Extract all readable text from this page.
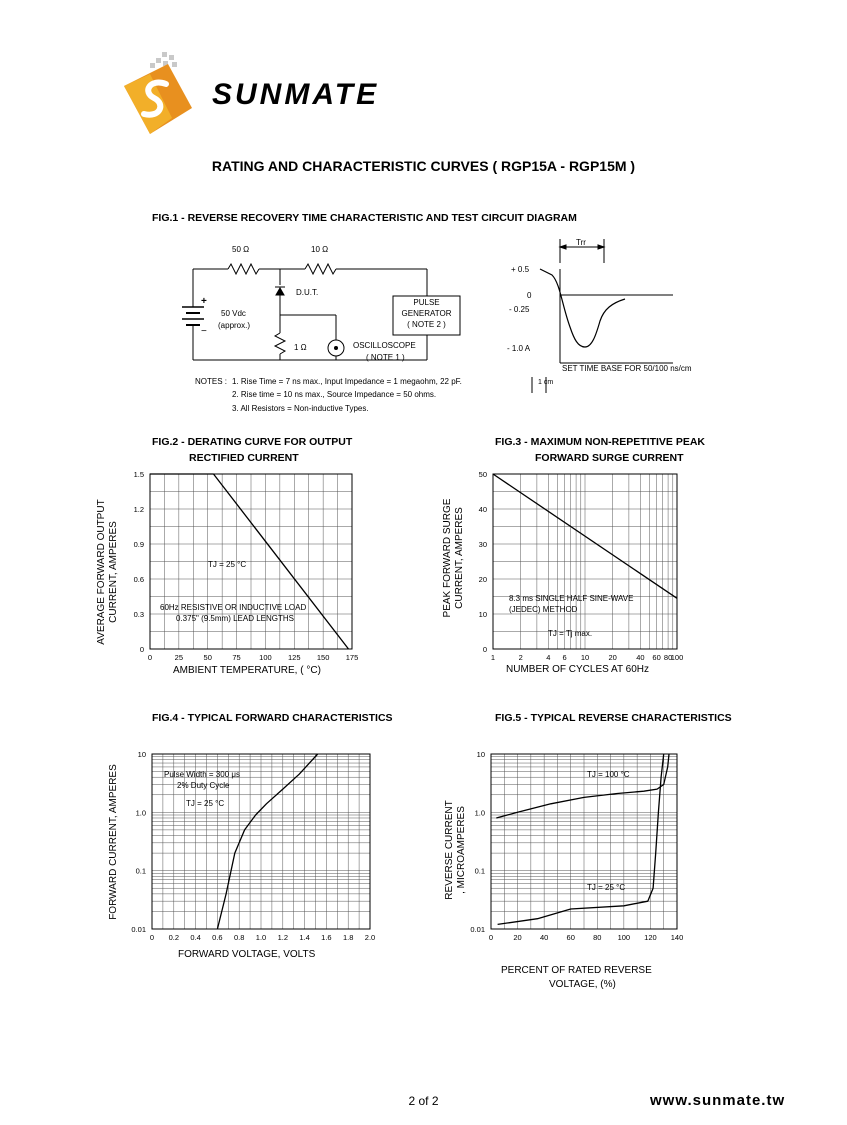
SUNMATE
RATING AND CHARACTERISTIC CURVES ( RGP15A - RGP15M )
FIG.1 - REVERSE RECOVERY TIME CHARACTERISTIC AND TEST CIRCUIT DIAGRAM
50 Ω	10 Ω
D.U.T.
+
50 Vdc
(approx.)
−
1 Ω
PULSE
GENERATOR
( NOTE 2 )
OSCILLOSCOPE
( NOTE 1 )
NOTES : 1. Rise Time = 7 ns max., Input Impedance = 1 megaohm, 22 pF.
2. Rise time = 10 ns max., Source Impedance = 50 ohms.
3. All Resistors = Non-inductive Types.
Trr
+ 0.5
0
- 0.25
- 1.0 A
SET TIME BASE FOR 50/100 ns/cm
1 cm
FIG.2 - DERATING CURVE FOR OUTPUT
RECTIFIED CURRENT
AVERAGE FORWARD OUTPUT CURRENT, AMPERES
0	25	50	75 100 125 150 175
0
0.3
0.6
0.9
1.2
1.5
AMBIENT TEMPERATURE, ( °C)
TJ = 25 °C
60Hz RESISTIVE OR INDUCTIVE LOAD
0.375" (9.5mm) LEAD LENGTHS
FIG.3 - MAXIMUM NON-REPETITIVE PEAK
FORWARD SURGE CURRENT
PEAK FORWARD SURGE CURRENT, AMPERES
1	2	4 6 10	20	40 60 80
100
0
10
20
30
40
50
NUMBER OF CYCLES AT 60Hz
8.3 ms SINGLE HALF SINE-WAVE
(JEDEC) METHOD
TJ = Tj max.
FIG.4 - TYPICAL FORWARD CHARACTERISTICS
FORWARD CURRENT, AMPERES
0 0.2 0.4 0.6 0.8 1.0 1.2 1.4 1.6 1.8 2.0
0.01
0.1
1.0
10
FORWARD VOLTAGE, VOLTS
Pulse Width = 300 μs
2% Duty Cycle
TJ = 25 °C
FIG.5 - TYPICAL REVERSE CHARACTERISTICS
REVERSE CURRENT , MICROAMPERES
0	20 40 60 80 100 120 140
0.01
0.1
1.0
10
PERCENT OF RATED REVERSE
VOLTAGE, (%)
TJ = 100 °C
TJ = 25 °C
2 of 2	www.sunmate.tw
